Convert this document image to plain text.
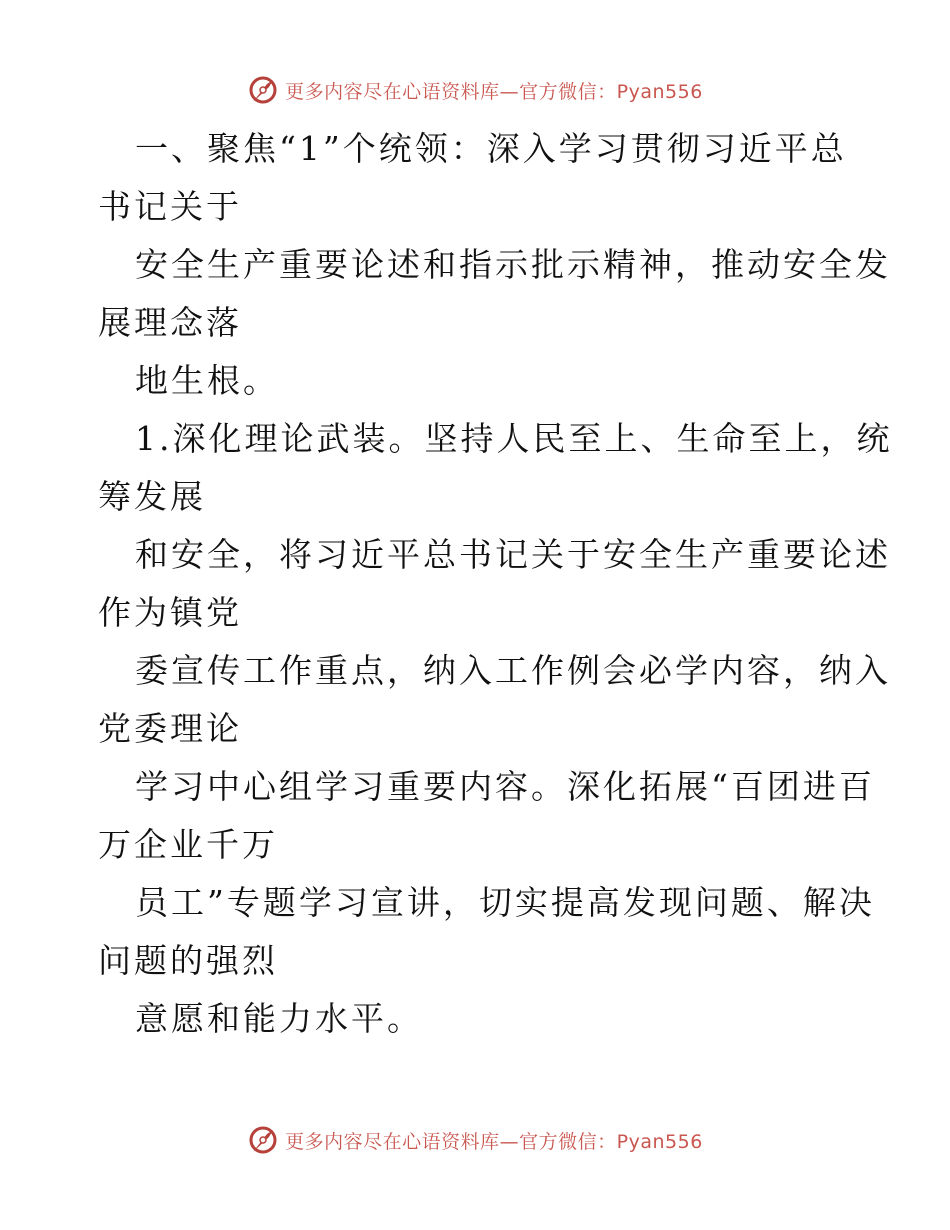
更多内容尽在心语资料库—官方微信：Pyan556

一、聚焦“1”个统领：深入学习贯彻习近平总
书记关于

安全生产重要论述和指示批示精神，推动安全发
展理念落

地生根。

1.深化理论武装。坚持人民至上、生命至上，统
筹发展

和安全，将习近平总书记关于安全生产重要论述
作为镇党

委宣传工作重点，纳入工作例会必学内容，纳入
党委理论

学习中心组学习重要内容。深化拓展“百团进百
万企业千万

员工”专题学习宣讲，切实提高发现问题、解决
问题的强烈

意愿和能力水平。

更多内容尽在心语资料库—官方微信：Pyan556
